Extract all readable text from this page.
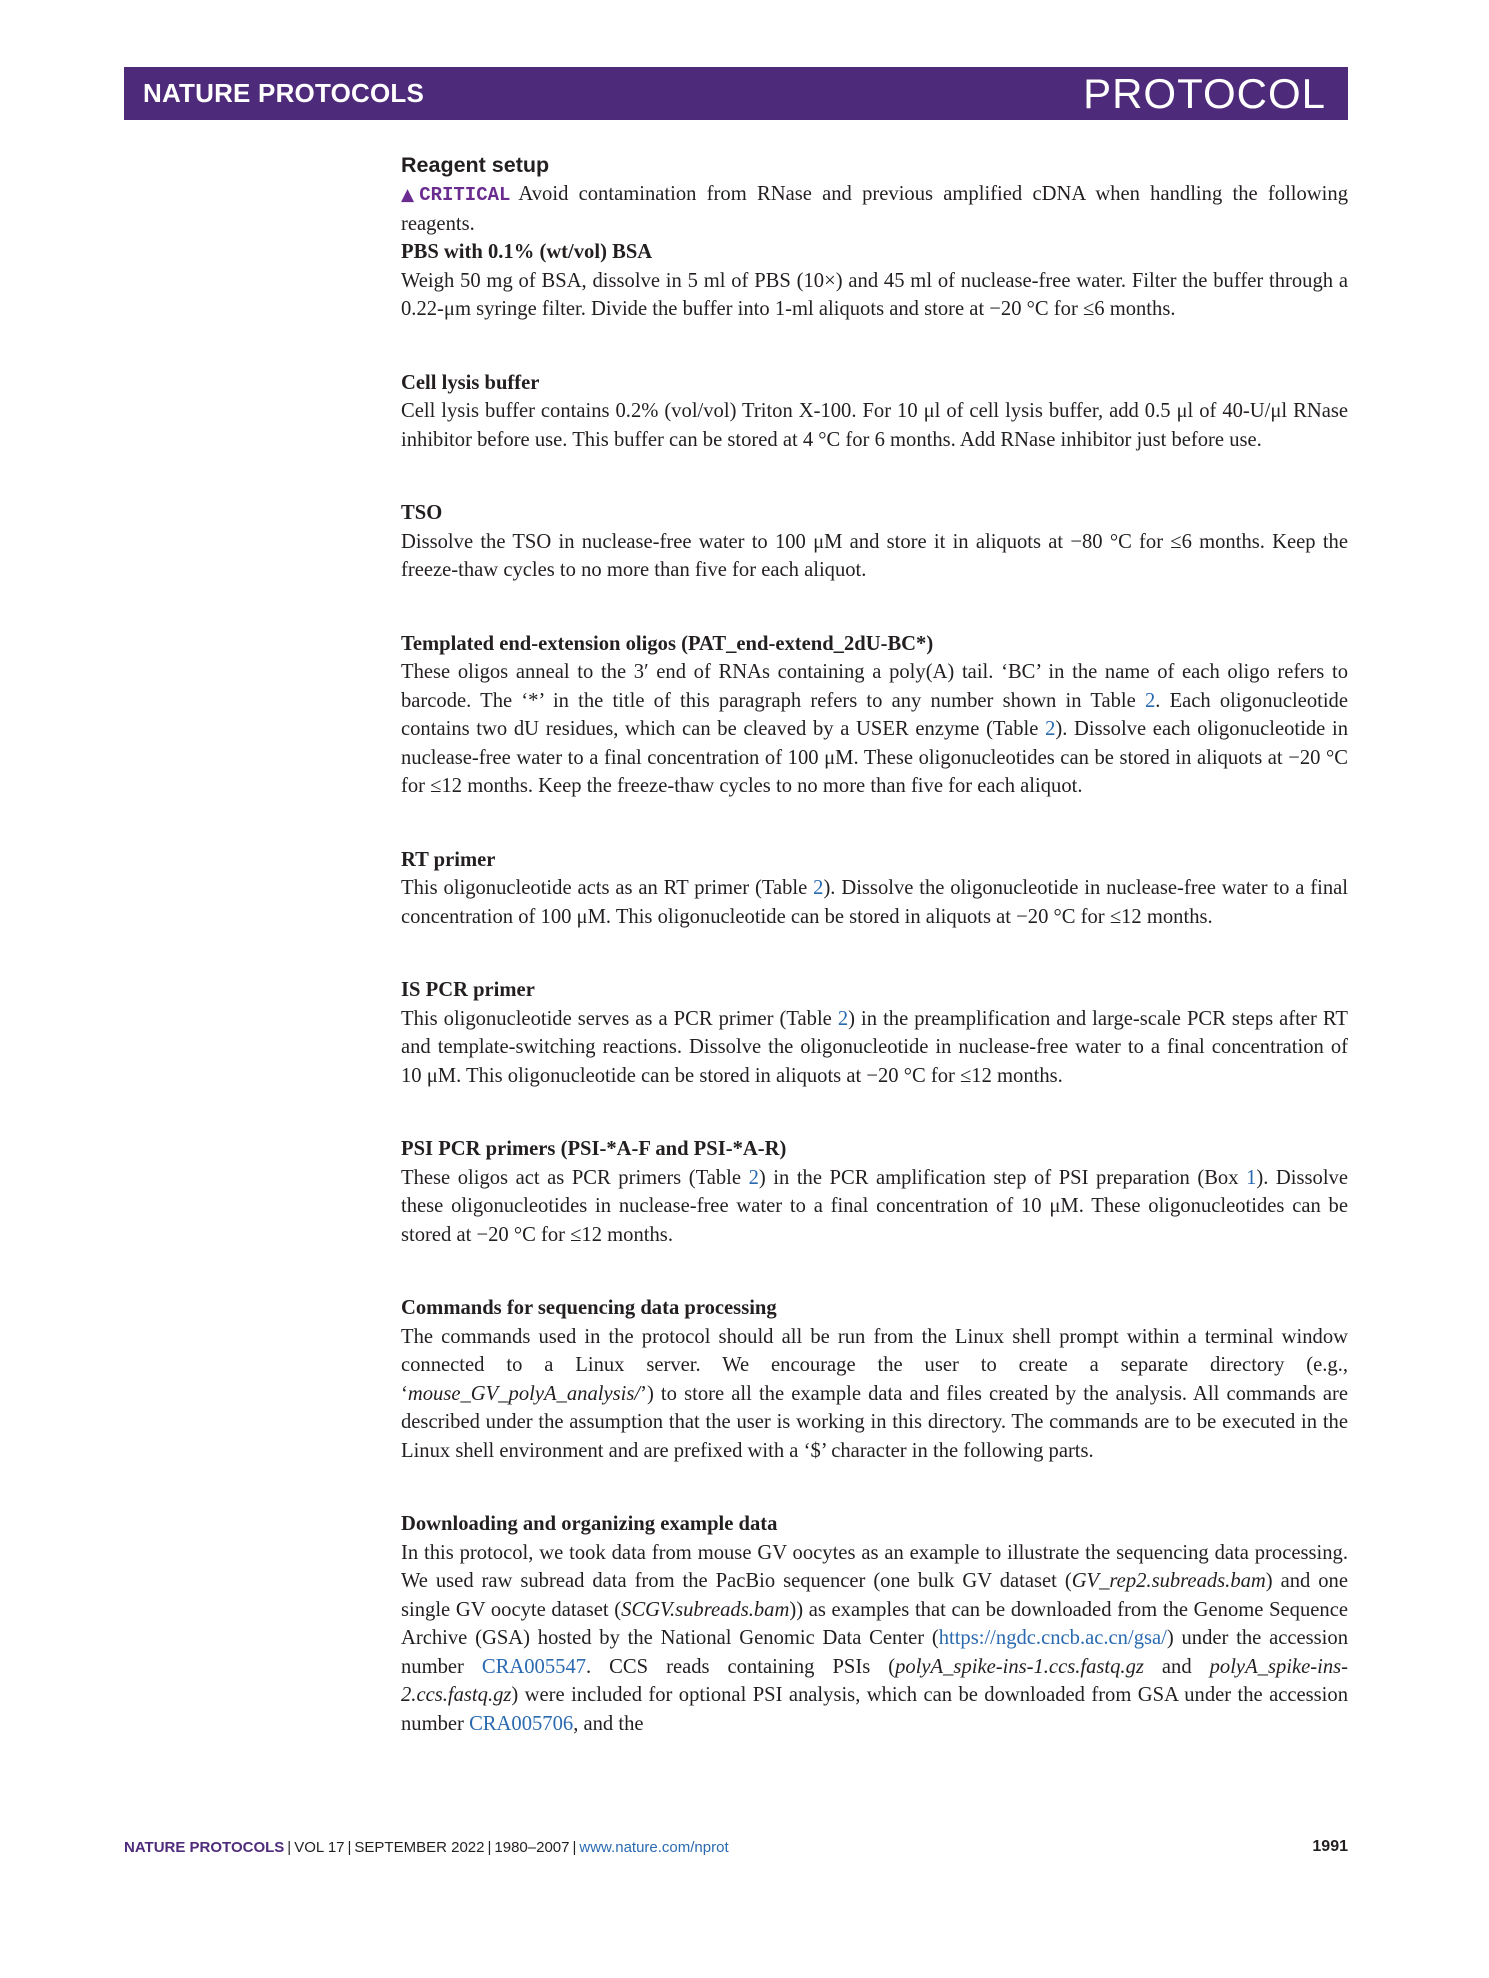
NATURE PROTOCOLS	PROTOCOL
Reagent setup

▲CRITICAL Avoid contamination from RNase and previous amplified cDNA when handling the following reagents.

PBS with 0.1% (wt/vol) BSA

Weigh 50 mg of BSA, dissolve in 5 ml of PBS (10×) and 45 ml of nuclease-free water. Filter the buffer through a 0.22-μm syringe filter. Divide the buffer into 1-ml aliquots and store at −20 °C for ≤6 months.

Cell lysis buffer

Cell lysis buffer contains 0.2% (vol/vol) Triton X-100. For 10 μl of cell lysis buffer, add 0.5 μl of 40-U/μl RNase inhibitor before use. This buffer can be stored at 4 °C for 6 months. Add RNase inhibitor just before use.

TSO

Dissolve the TSO in nuclease-free water to 100 μM and store it in aliquots at −80 °C for ≤6 months. Keep the freeze-thaw cycles to no more than five for each aliquot.

Templated end-extension oligos (PAT_end-extend_2dU-BC*)

These oligos anneal to the 3′ end of RNAs containing a poly(A) tail. ‘BC’ in the name of each oligo refers to barcode. The ‘*’ in the title of this paragraph refers to any number shown in Table 2. Each oligonucleotide contains two dU residues, which can be cleaved by a USER enzyme (Table 2). Dissolve each oligonucleotide in nuclease-free water to a final concentration of 100 μM. These oligonucleotides can be stored in aliquots at −20 °C for ≤12 months. Keep the freeze-thaw cycles to no more than five for each aliquot.

RT primer

This oligonucleotide acts as an RT primer (Table 2). Dissolve the oligonucleotide in nuclease-free water to a final concentration of 100 μM. This oligonucleotide can be stored in aliquots at −20 °C for ≤12 months.

IS PCR primer

This oligonucleotide serves as a PCR primer (Table 2) in the preamplification and large-scale PCR steps after RT and template-switching reactions. Dissolve the oligonucleotide in nuclease-free water to a final concentration of 10 μM. This oligonucleotide can be stored in aliquots at −20 °C for ≤12 months.

PSI PCR primers (PSI-*A-F and PSI-*A-R)

These oligos act as PCR primers (Table 2) in the PCR amplification step of PSI preparation (Box 1). Dissolve these oligonucleotides in nuclease-free water to a final concentration of 10 μM. These oligonucleotides can be stored at −20 °C for ≤12 months.

Commands for sequencing data processing

The commands used in the protocol should all be run from the Linux shell prompt within a terminal window connected to a Linux server. We encourage the user to create a separate directory (e.g., ‘mouse_GV_polyA_analysis/’) to store all the example data and files created by the analysis. All commands are described under the assumption that the user is working in this directory. The commands are to be executed in the Linux shell environment and are prefixed with a ‘$’ character in the following parts.

Downloading and organizing example data

In this protocol, we took data from mouse GV oocytes as an example to illustrate the sequencing data processing. We used raw subread data from the PacBio sequencer (one bulk GV dataset (GV_rep2.subreads.bam) and one single GV oocyte dataset (SCGV.subreads.bam)) as examples that can be downloaded from the Genome Sequence Archive (GSA) hosted by the National Genomic Data Center (https://ngdc.cncb.ac.cn/gsa/) under the accession number CRA005547. CCS reads containing PSIs (polyA_spike-ins-1.ccs.fastq.gz and polyA_spike-ins-2.ccs.fastq.gz) were included for optional PSI analysis, which can be downloaded from GSA under the accession number CRA005706, and the

NATURE PROTOCOLS | VOL 17 | SEPTEMBER 2022 | 1980–2007 | www.nature.com/nprot	1991
